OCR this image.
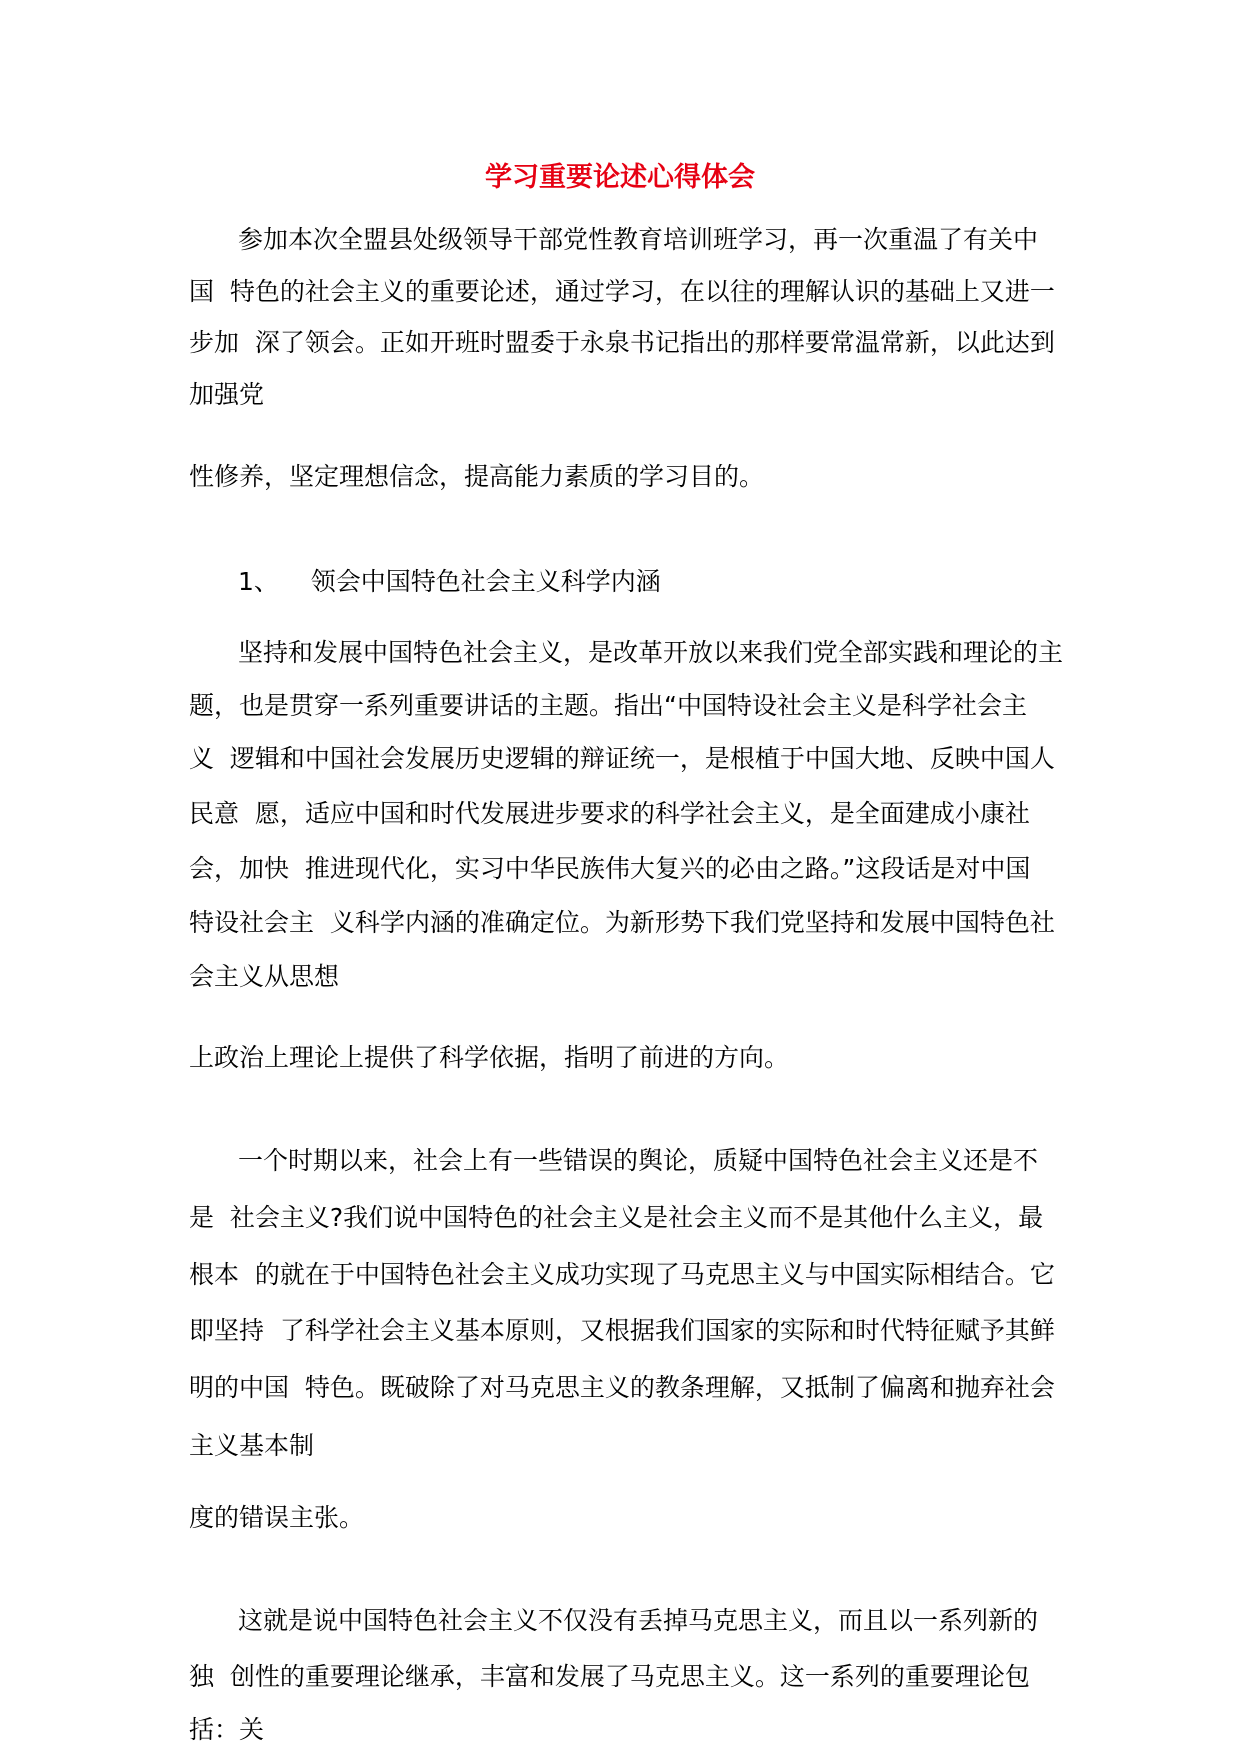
学习重要论述心得体会

参加本次全盟县处级领导干部党性教育培训班学习，再一次重温了有关中

国  特色的社会主义的重要论述，通过学习，在以往的理解认识的基础上又进一

步加  深了领会。正如开班时盟委于永泉书记指出的那样要常温常新，以此达到

加强党

性修养，坚定理想信念，提高能力素质的学习目的。

1、    领会中国特色社会主义科学内涵

坚持和发展中国特色社会主义，是改革开放以来我们党全部实践和理论的主

题，也是贯穿一系列重要讲话的主题。指出“中国特设社会主义是科学社会主

义  逻辑和中国社会发展历史逻辑的辩证统一，是根植于中国大地、反映中国人

民意  愿，适应中国和时代发展进步要求的科学社会主义，是全面建成小康社

会，加快  推进现代化，实习中华民族伟大复兴的必由之路。”这段话是对中国

特设社会主  义科学内涵的准确定位。为新形势下我们党坚持和发展中国特色社

会主义从思想

上政治上理论上提供了科学依据，指明了前进的方向。

一个时期以来，社会上有一些错误的舆论，质疑中国特色社会主义还是不

是  社会主义?我们说中国特色的社会主义是社会主义而不是其他什么主义，最

根本  的就在于中国特色社会主义成功实现了马克思主义与中国实际相结合。它

即坚持  了科学社会主义基本原则，又根据我们国家的实际和时代特征赋予其鲜

明的中国  特色。既破除了对马克思主义的教条理解，又抵制了偏离和抛弃社会

主义基本制

度的错误主张。

这就是说中国特色社会主义不仅没有丢掉马克思主义，而且以一系列新的

独  创性的重要理论继承，丰富和发展了马克思主义。这一系列的重要理论包

括：关
